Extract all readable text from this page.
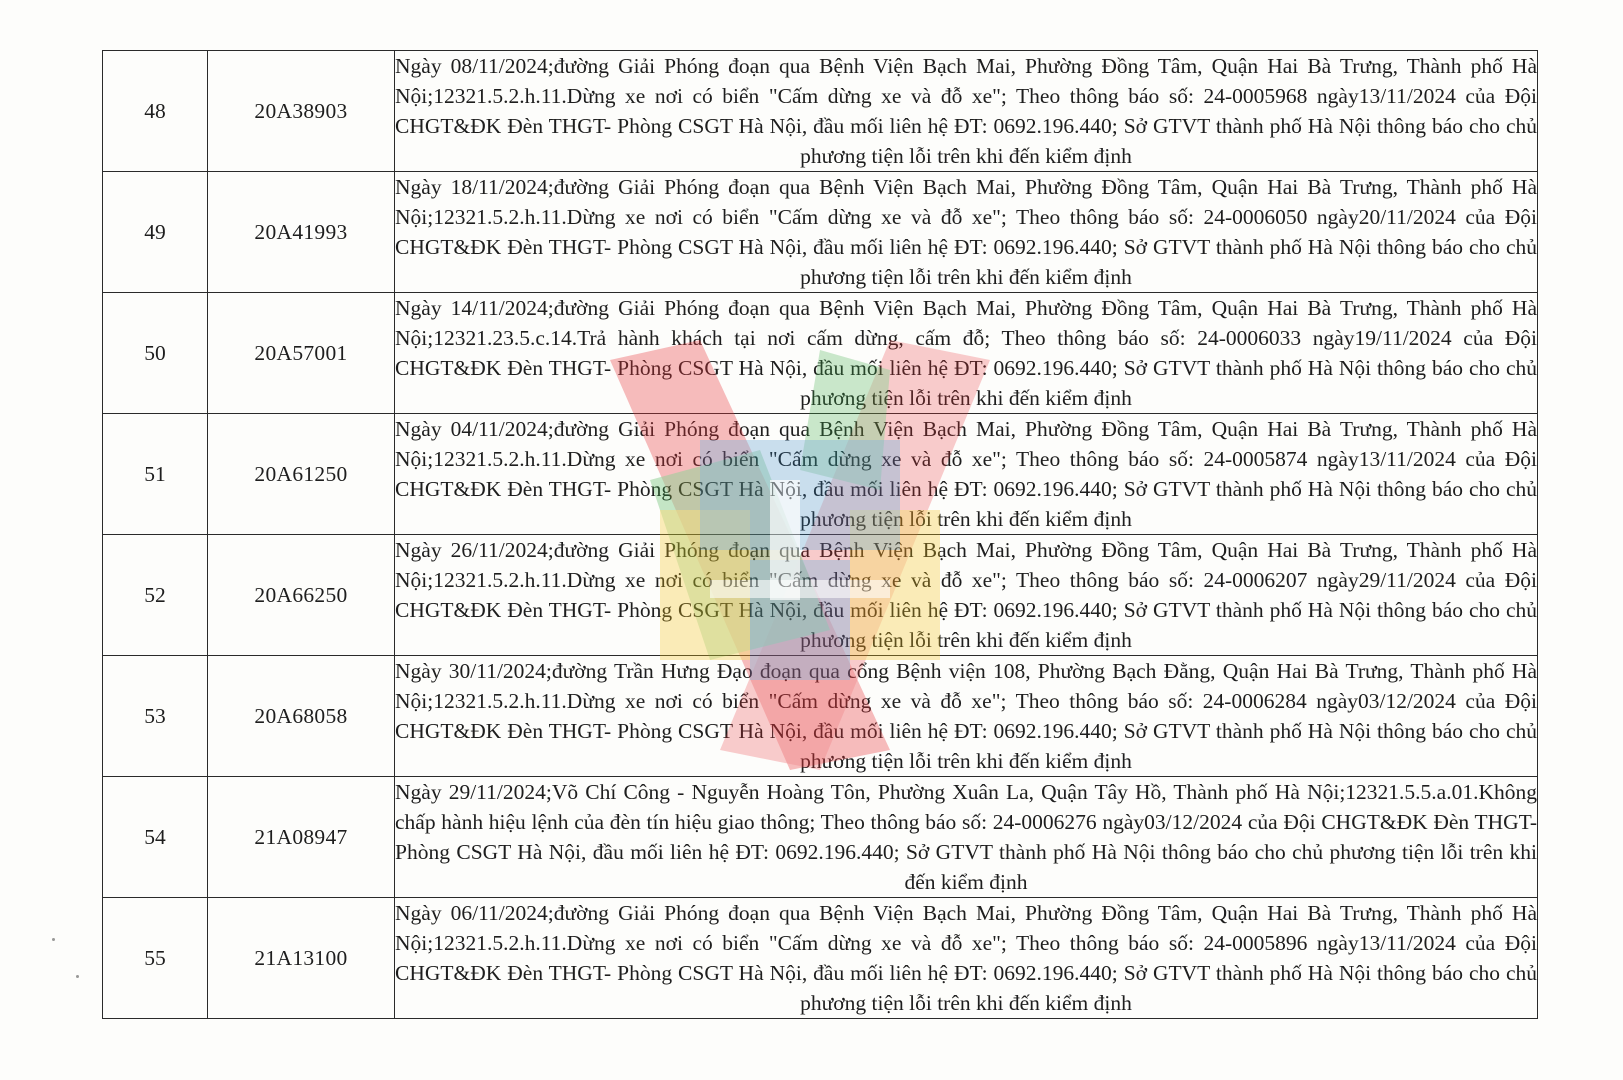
48	20A38903	Ngày 08/11/2024;đường Giải Phóng đoạn qua Bệnh Viện Bạch Mai, Phường Đồng Tâm, Quận Hai Bà Trưng, Thành phố Hà Nội;12321.5.2.h.11.Dừng xe nơi có biển "Cấm dừng xe và đỗ xe"; Theo thông báo số: 24-0005968 ngày13/11/2024 của Đội CHGT&ĐK Đèn THGT- Phòng CSGT Hà Nội, đầu mối liên hệ ĐT: 0692.196.440; Sở GTVT thành phố Hà Nội thông báo cho chủ phương tiện lỗi trên khi đến kiểm định

49	20A41993	Ngày 18/11/2024;đường Giải Phóng đoạn qua Bệnh Viện Bạch Mai, Phường Đồng Tâm, Quận Hai Bà Trưng, Thành phố Hà Nội;12321.5.2.h.11.Dừng xe nơi có biển "Cấm dừng xe và đỗ xe"; Theo thông báo số: 24-0006050 ngày20/11/2024 của Đội CHGT&ĐK Đèn THGT- Phòng CSGT Hà Nội, đầu mối liên hệ ĐT: 0692.196.440; Sở GTVT thành phố Hà Nội thông báo cho chủ phương tiện lỗi trên khi đến kiểm định

50	20A57001	Ngày 14/11/2024;đường Giải Phóng đoạn qua Bệnh Viện Bạch Mai, Phường Đồng Tâm, Quận Hai Bà Trưng, Thành phố Hà Nội;12321.23.5.c.14.Trả hành khách tại nơi cấm dừng, cấm đỗ; Theo thông báo số: 24-0006033 ngày19/11/2024 của Đội CHGT&ĐK Đèn THGT- Phòng CSGT Hà Nội, đầu mối liên hệ ĐT: 0692.196.440; Sở GTVT thành phố Hà Nội thông báo cho chủ phương tiện lỗi trên khi đến kiểm định

51	20A61250	Ngày 04/11/2024;đường Giải Phóng đoạn qua Bệnh Viện Bạch Mai, Phường Đồng Tâm, Quận Hai Bà Trưng, Thành phố Hà Nội;12321.5.2.h.11.Dừng xe nơi có biển "Cấm dừng xe và đỗ xe"; Theo thông báo số: 24-0005874 ngày13/11/2024 của Đội CHGT&ĐK Đèn THGT- Phòng CSGT Hà Nội, đầu mối liên hệ ĐT: 0692.196.440; Sở GTVT thành phố Hà Nội thông báo cho chủ phương tiện lỗi trên khi đến kiểm định

52	20A66250	Ngày 26/11/2024;đường Giải Phóng đoạn qua Bệnh Viện Bạch Mai, Phường Đồng Tâm, Quận Hai Bà Trưng, Thành phố Hà Nội;12321.5.2.h.11.Dừng xe nơi có biển "Cấm dừng xe và đỗ xe"; Theo thông báo số: 24-0006207 ngày29/11/2024 của Đội CHGT&ĐK Đèn THGT- Phòng CSGT Hà Nội, đầu mối liên hệ ĐT: 0692.196.440; Sở GTVT thành phố Hà Nội thông báo cho chủ phương tiện lỗi trên khi đến kiểm định

53	20A68058	Ngày 30/11/2024;đường Trần Hưng Đạo đoạn qua cổng Bệnh viện 108, Phường Bạch Đằng, Quận Hai Bà Trưng, Thành phố Hà Nội;12321.5.2.h.11.Dừng xe nơi có biển "Cấm dừng xe và đỗ xe"; Theo thông báo số: 24-0006284 ngày03/12/2024 của Đội CHGT&ĐK Đèn THGT- Phòng CSGT Hà Nội, đầu mối liên hệ ĐT: 0692.196.440; Sở GTVT thành phố Hà Nội thông báo cho chủ phương tiện lỗi trên khi đến kiểm định

54	21A08947	Ngày 29/11/2024;Võ Chí Công - Nguyễn Hoàng Tôn, Phường Xuân La, Quận Tây Hồ, Thành phố Hà Nội;12321.5.5.a.01.Không chấp hành hiệu lệnh của đèn tín hiệu giao thông; Theo thông báo số: 24-0006276 ngày03/12/2024 của Đội CHGT&ĐK Đèn THGT- Phòng CSGT Hà Nội, đầu mối liên hệ ĐT: 0692.196.440; Sở GTVT thành phố Hà Nội thông báo cho chủ phương tiện lỗi trên khi đến kiểm định

55	21A13100	Ngày 06/11/2024;đường Giải Phóng đoạn qua Bệnh Viện Bạch Mai, Phường Đồng Tâm, Quận Hai Bà Trưng, Thành phố Hà Nội;12321.5.2.h.11.Dừng xe nơi có biển "Cấm dừng xe và đỗ xe"; Theo thông báo số: 24-0005896 ngày13/11/2024 của Đội CHGT&ĐK Đèn THGT- Phòng CSGT Hà Nội, đầu mối liên hệ ĐT: 0692.196.440; Sở GTVT thành phố Hà Nội thông báo cho chủ phương tiện lỗi trên khi đến kiểm định
